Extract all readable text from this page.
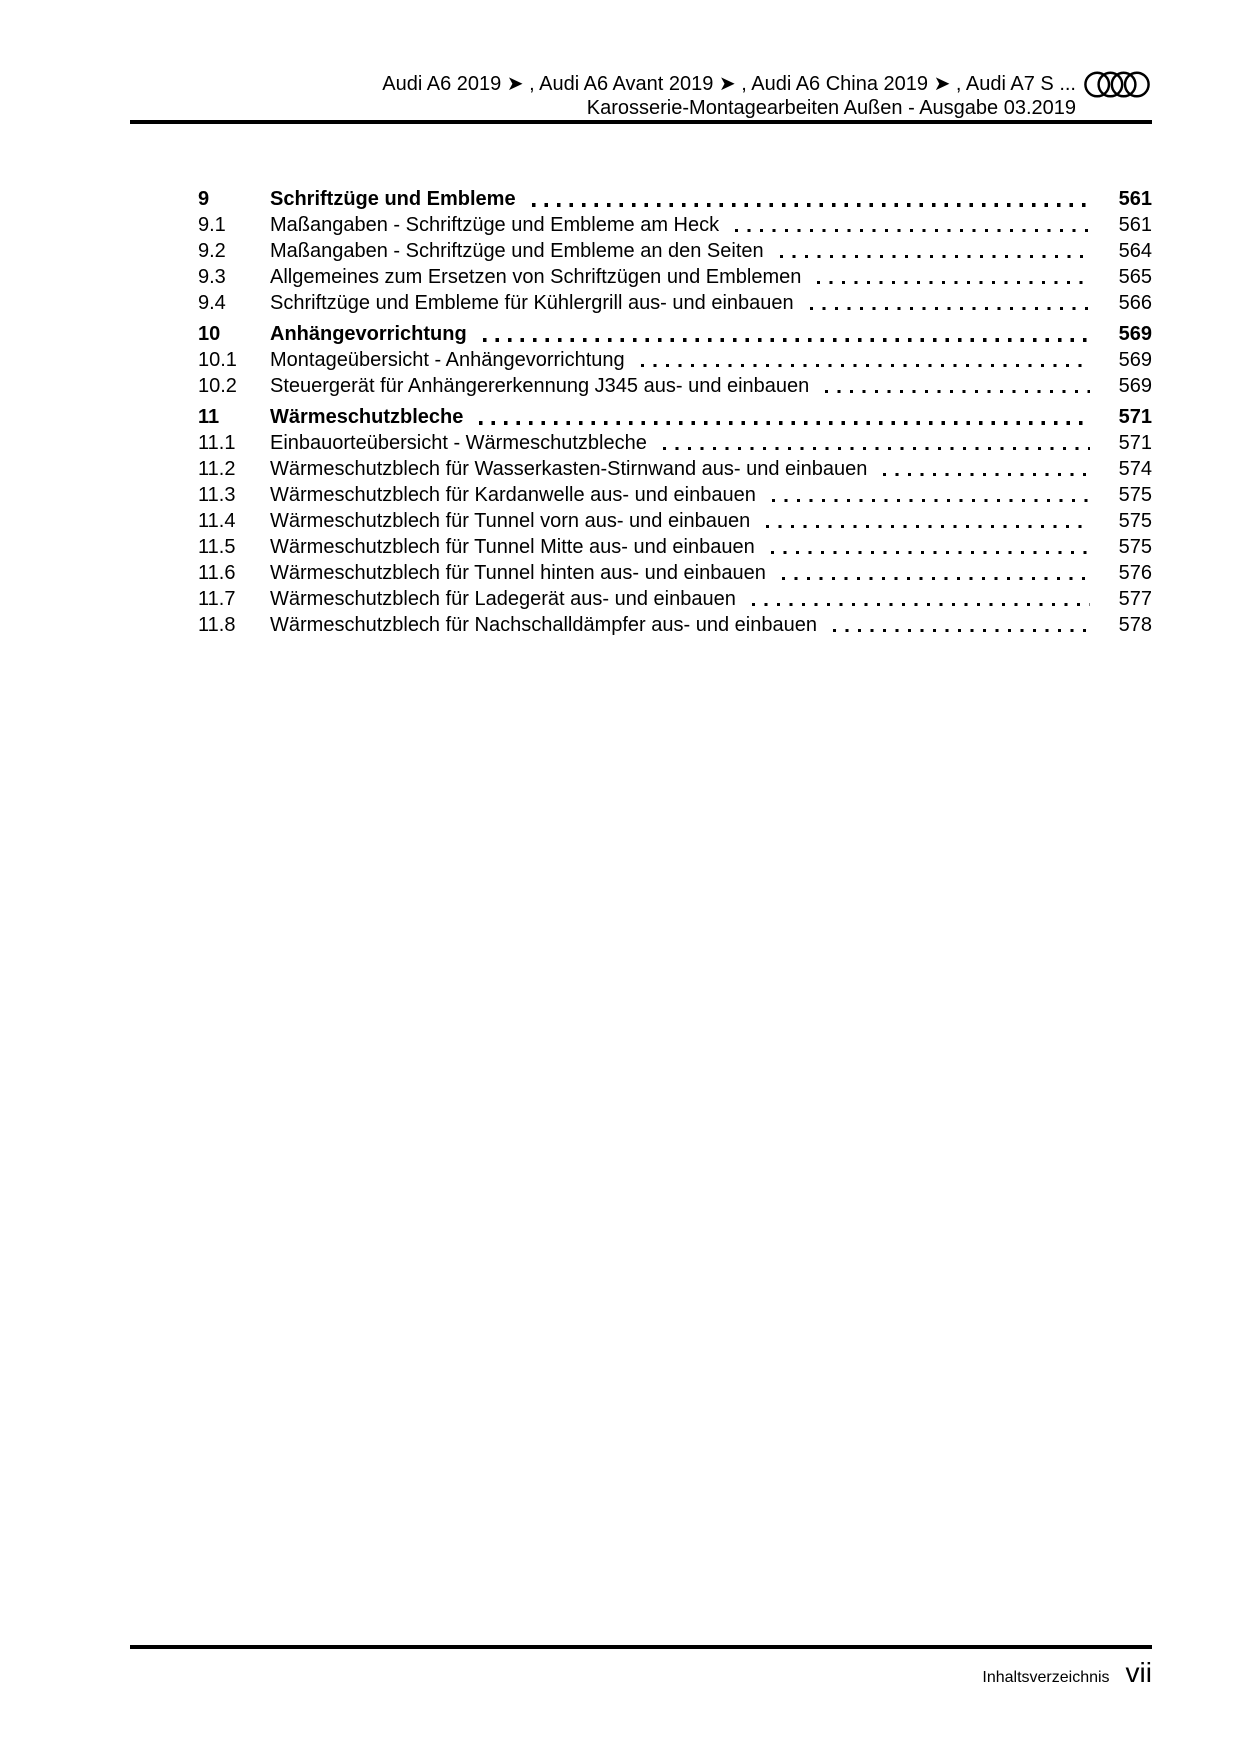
Audi A6 2019 ➤ , Audi A6 Avant 2019 ➤ , Audi A6 China 2019 ➤ , Audi A7 S ...
Karosserie-Montagearbeiten Außen - Ausgabe 03.2019
9	Schriftzüge und Embleme	561
9.1	Maßangaben - Schriftzüge und Embleme am Heck	561
9.2	Maßangaben - Schriftzüge und Embleme an den Seiten	564
9.3	Allgemeines zum Ersetzen von Schriftzügen und Emblemen	565
9.4	Schriftzüge und Embleme für Kühlergrill aus- und einbauen	566
10	Anhängevorrichtung	569
10.1	Montageübersicht - Anhängevorrichtung	569
10.2	Steuergerät für Anhängererkennung J345 aus- und einbauen	569
11	Wärmeschutzbleche	571
11.1	Einbauorteübersicht - Wärmeschutzbleche	571
11.2	Wärmeschutzblech für Wasserkasten-Stirnwand aus- und einbauen	574
11.3	Wärmeschutzblech für Kardanwelle aus- und einbauen	575
11.4	Wärmeschutzblech für Tunnel vorn aus- und einbauen	575
11.5	Wärmeschutzblech für Tunnel Mitte aus- und einbauen	575
11.6	Wärmeschutzblech für Tunnel hinten aus- und einbauen	576
11.7	Wärmeschutzblech für Ladegerät aus- und einbauen	577
11.8	Wärmeschutzblech für Nachschalldämpfer aus- und einbauen	578
Inhaltsverzeichnis vii
